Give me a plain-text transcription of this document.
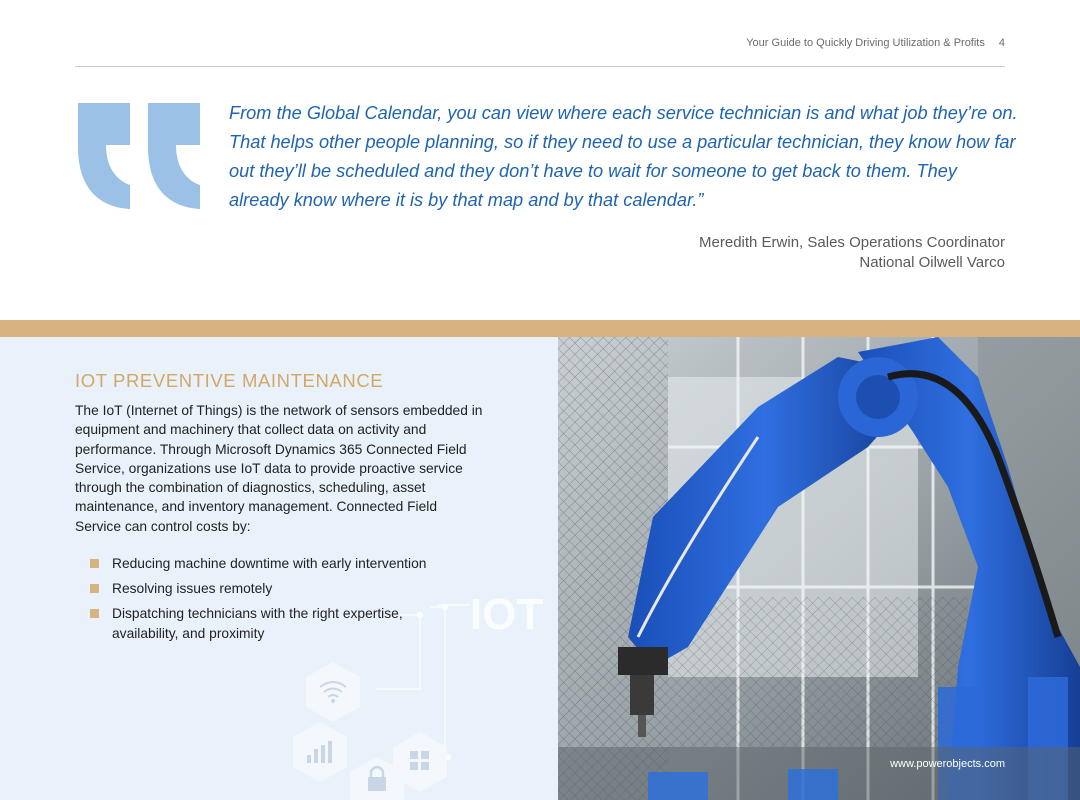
Your Guide to Quickly Driving Utilization & Profits 4
From the Global Calendar, you can view where each service technician is and what job they’re on. That helps other people planning, so if they need to use a particular technician, they know how far out they’ll be scheduled and they don’t have to wait for someone to get back to them. They already know where it is by that map and by that calendar.”
Meredith Erwin, Sales Operations Coordinator
National Oilwell Varco
IOT
IOT PREVENTIVE MAINTENANCE
The IoT (Internet of Things) is the network of sensors embedded in equipment and machinery that collect data on activity and performance. Through Microsoft Dynamics 365 Connected Field Service, organizations use IoT data to provide proactive service through the combination of diagnostics, scheduling, asset maintenance, and inventory management. Connected Field Service can control costs by:
Reducing machine downtime with early intervention
Resolving issues remotely
Dispatching technicians with the right expertise, availability, and proximity
www.powerobjects.com
